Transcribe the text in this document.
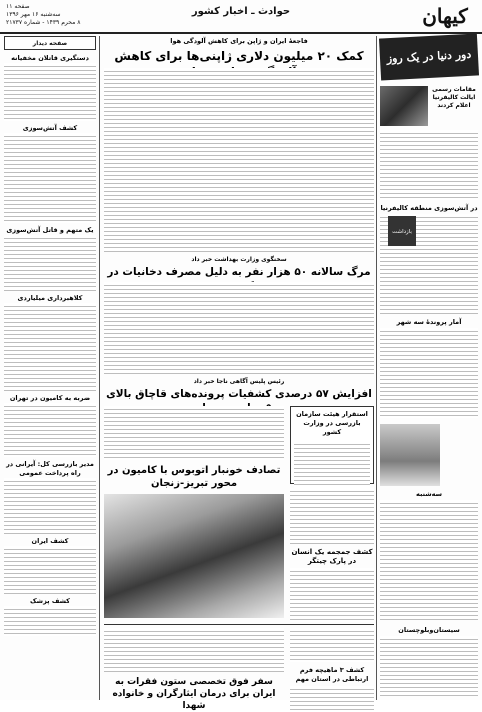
کیهان
حوادث ـ اخبار کشور
صفحه ۱۱
سه‌شنبه ۱۶ مهر ۱۳۹۶
۸ محرم ۱۴۳۹ - شماره ۲۱۷۳۷
دور دنیا در یک روز
مقامات رسمی ایالت کالیفرنیا اعلام کردند
در آتش‌سوزی منطقه کالیفرنیا
بازداشت
آمار پروندهٔ سه شهر
سه‌شنبه
سیستان‌و‌بلوچستان
فاجعهٔ ایران و ژاپن برای کاهش آلودگی هوا
کمک ۲۰ میلیون دلاری ژاپنی‌ها برای کاهش
سخنگوی وزارت بهداشت خبر داد
مرگ سالانه ۵۰ هزار نفر به دلیل مصرف دخانیات در
رئیس پلیس آگاهی ناجا خبر داد
افزایش ۵۷ درصدی کشفیات پرونده‌های قاچاق بالای
استقرار هیئت سازمان بازرسی در وزارت کشور
تصادف خونبار اتوبوس با کامیون در محور تبریز-زنجان
کشف جمجمه یک انسان در پارک چیتگر
سفر فوق تخصصی ستون فقرات به ایران برای درمان ایثارگران و خانواده شهدا
کشف ۳ ماهیچه فرم ارتباطی در استان مهم
صفحه دیدار
دستگیری قاتلان مخفیانه
کشف آتش‌سوزی
یک متهم و قاتل آتش‌سوزی
کلاهبرداری میلیاردی
ضربه به کامیون در تهران
مدیر بازرسی کل: آیرانی در راه پرداخت عمومی
کشف ایران
کشف پزشک
